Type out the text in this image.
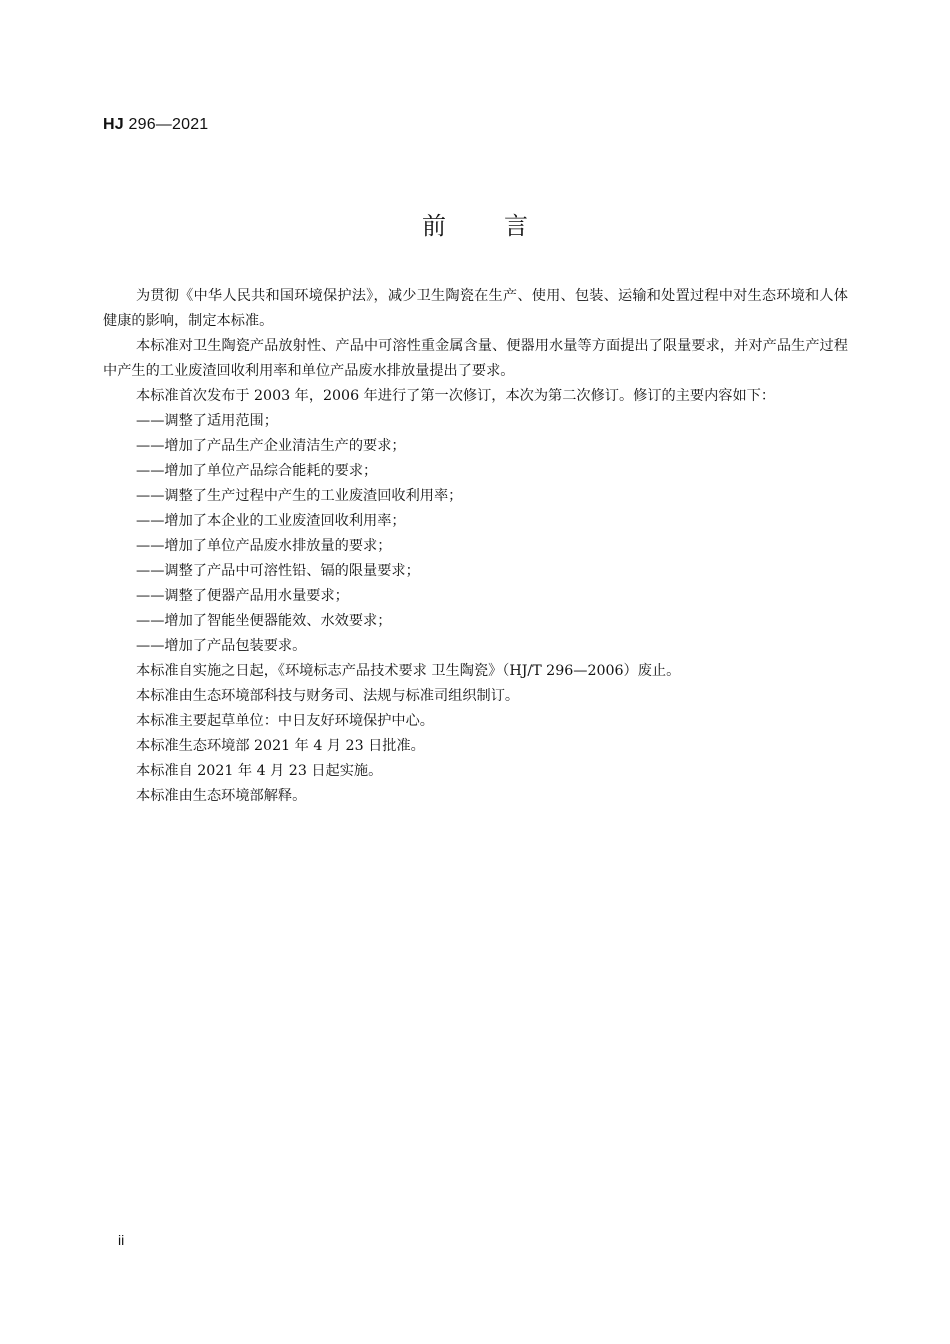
HJ 296—2021
前 言

为贯彻《中华人民共和国环境保护法》，减少卫生陶瓷在生产、使用、包装、运输和处置过程中对生态环境和人体健康的影响，制定本标准。

本标准对卫生陶瓷产品放射性、产品中可溶性重金属含量、便器用水量等方面提出了限量要求，并对产品生产过程中产生的工业废渣回收利用率和单位产品废水排放量提出了要求。

本标准首次发布于 2003 年，2006 年进行了第一次修订，本次为第二次修订。修订的主要内容如下：

——调整了适用范围；

——增加了产品生产企业清洁生产的要求；

——增加了单位产品综合能耗的要求；

——调整了生产过程中产生的工业废渣回收利用率；

——增加了本企业的工业废渣回收利用率；

——增加了单位产品废水排放量的要求；

——调整了产品中可溶性铅、镉的限量要求；

——调整了便器产品用水量要求；

——增加了智能坐便器能效、水效要求；

——增加了产品包装要求。

本标准自实施之日起，《环境标志产品技术要求 卫生陶瓷》（HJ/T 296—2006）废止。

本标准由生态环境部科技与财务司、法规与标准司组织制订。

本标准主要起草单位：中日友好环境保护中心。

本标准生态环境部 2021 年 4 月 23 日批准。

本标准自 2021 年 4 月 23 日起实施。

本标准由生态环境部解释。

ii
